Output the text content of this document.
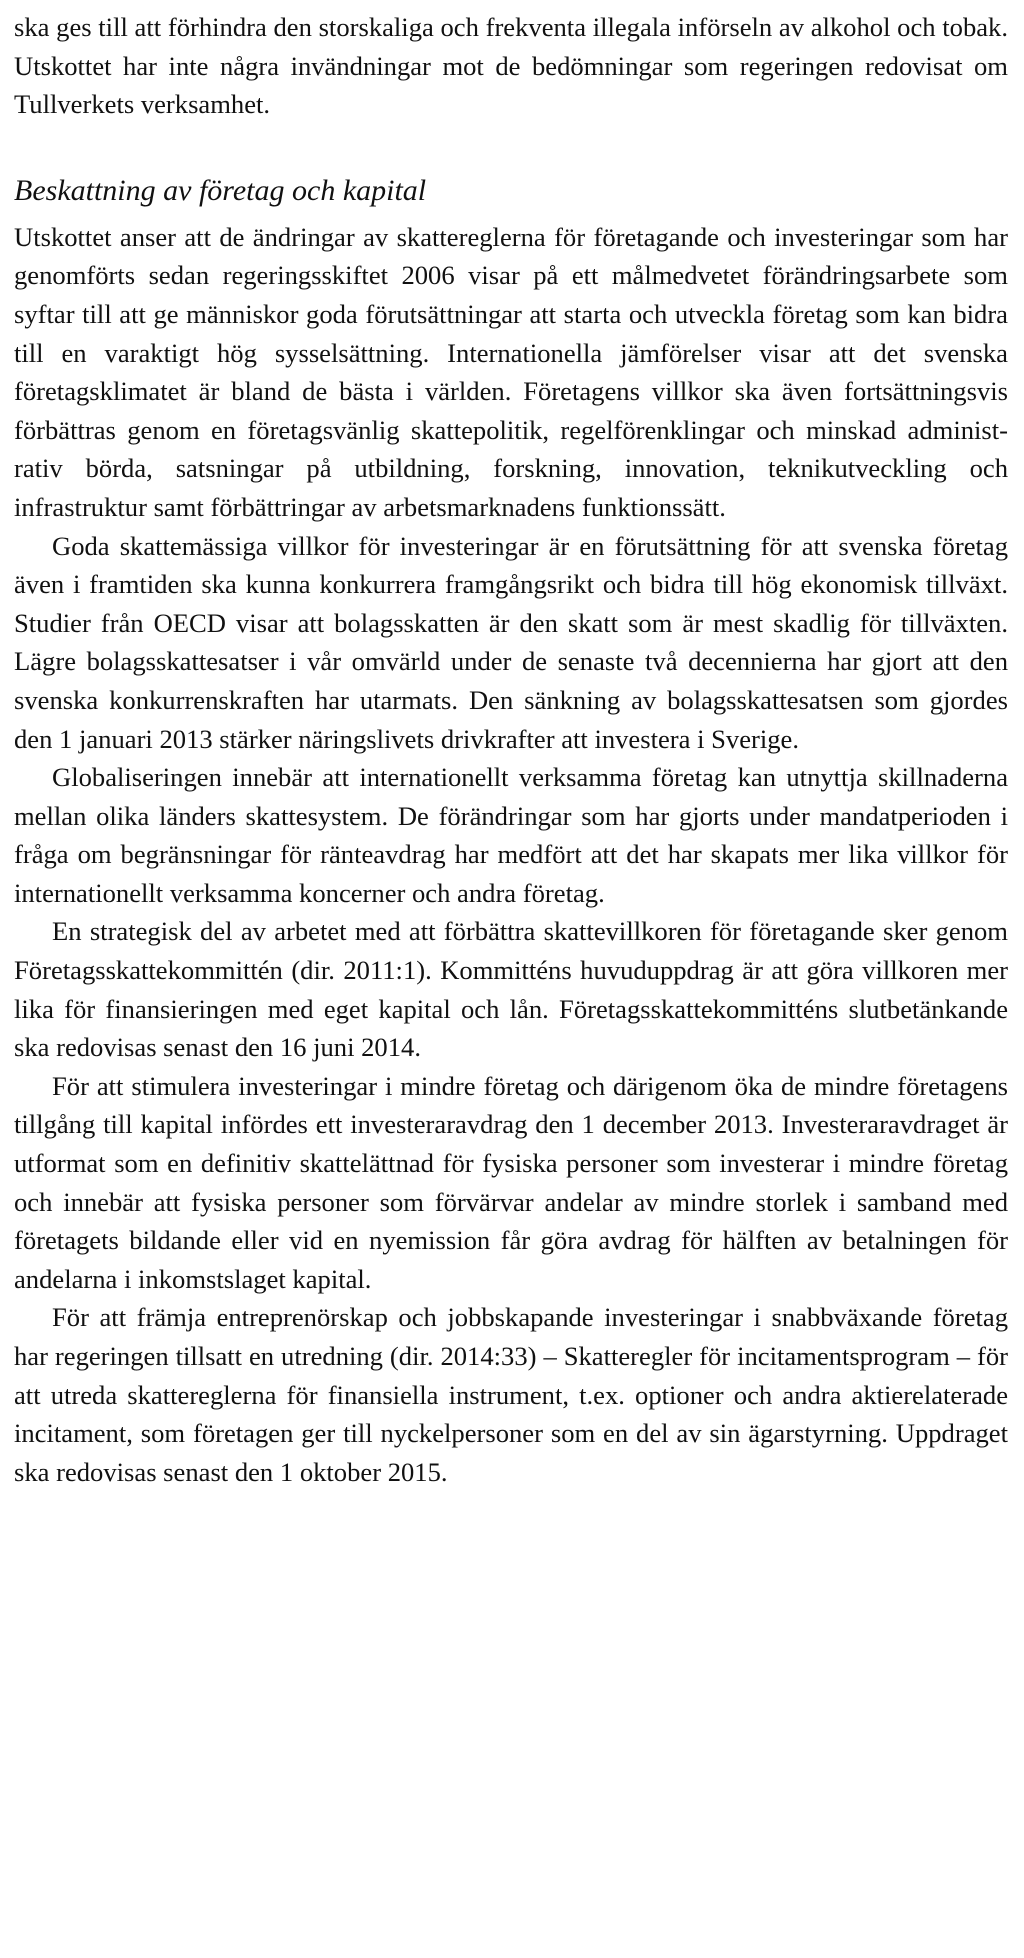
ska ges till att förhindra den storskaliga och frekventa illegala införseln av alkohol och tobak. Utskottet har inte några invändningar mot de bedömningar som regeringen redovisat om Tullverkets verksamhet.

Beskattning av företag och kapital

Utskottet anser att de ändringar av skattereglerna för företagande och investeringar som har genomförts sedan regeringsskiftet 2006 visar på ett målmedvetet förändringsarbete som syftar till att ge människor goda förutsättningar att starta och utveckla företag som kan bidra till en varaktigt hög sysselsättning. Internationella jämförelser visar att det svenska företagsklimatet är bland de bästa i världen. Företagens villkor ska även fortsättningsvis förbättras genom en företagsvänlig skattepolitik, regelförenklingar och minskad administrativ börda, satsningar på utbildning, forskning, innovation, teknikutveckling och infrastruktur samt förbättringar av arbetsmarknadens funktionssätt.

Goda skattemässiga villkor för investeringar är en förutsättning för att svenska företag även i framtiden ska kunna konkurrera framgångsrikt och bidra till hög ekonomisk tillväxt. Studier från OECD visar att bolagsskatten är den skatt som är mest skadlig för tillväxten. Lägre bolagsskattesatser i vår omvärld under de senaste två decennierna har gjort att den svenska konkurrenskraften har utarmats. Den sänkning av bolagsskattesatsen som gjordes den 1 januari 2013 stärker näringslivets drivkrafter att investera i Sverige.

Globaliseringen innebär att internationellt verksamma företag kan utnyttja skillnaderna mellan olika länders skattesystem. De förändringar som har gjorts under mandatperioden i fråga om begränsningar för ränteavdrag har medfört att det har skapats mer lika villkor för internationellt verksamma koncerner och andra företag.

En strategisk del av arbetet med att förbättra skattevillkoren för företagande sker genom Företagsskattekommittén (dir. 2011:1). Kommitténs huvuduppdrag är att göra villkoren mer lika för finansieringen med eget kapital och lån. Företagsskattekommitténs slutbetänkande ska redovisas senast den 16 juni 2014.

För att stimulera investeringar i mindre företag och därigenom öka de mindre företagens tillgång till kapital infördes ett investeraravdrag den 1 december 2013. Investeraravdraget är utformat som en definitiv skattelättnad för fysiska personer som investerar i mindre företag och innebär att fysiska personer som förvärvar andelar av mindre storlek i samband med företagets bildande eller vid en nyemission får göra avdrag för hälften av betalningen för andelarna i inkomstslaget kapital.

För att främja entreprenörskap och jobbskapande investeringar i snabbväxande företag har regeringen tillsatt en utredning (dir. 2014:33) – Skatteregler för incitamentsprogram – för att utreda skattereglerna för finansiella instrument, t.ex. optioner och andra aktierelaterade incitament, som företagen ger till nyckelpersoner som en del av sin ägarstyrning. Uppdraget ska redovisas senast den 1 oktober 2015.
